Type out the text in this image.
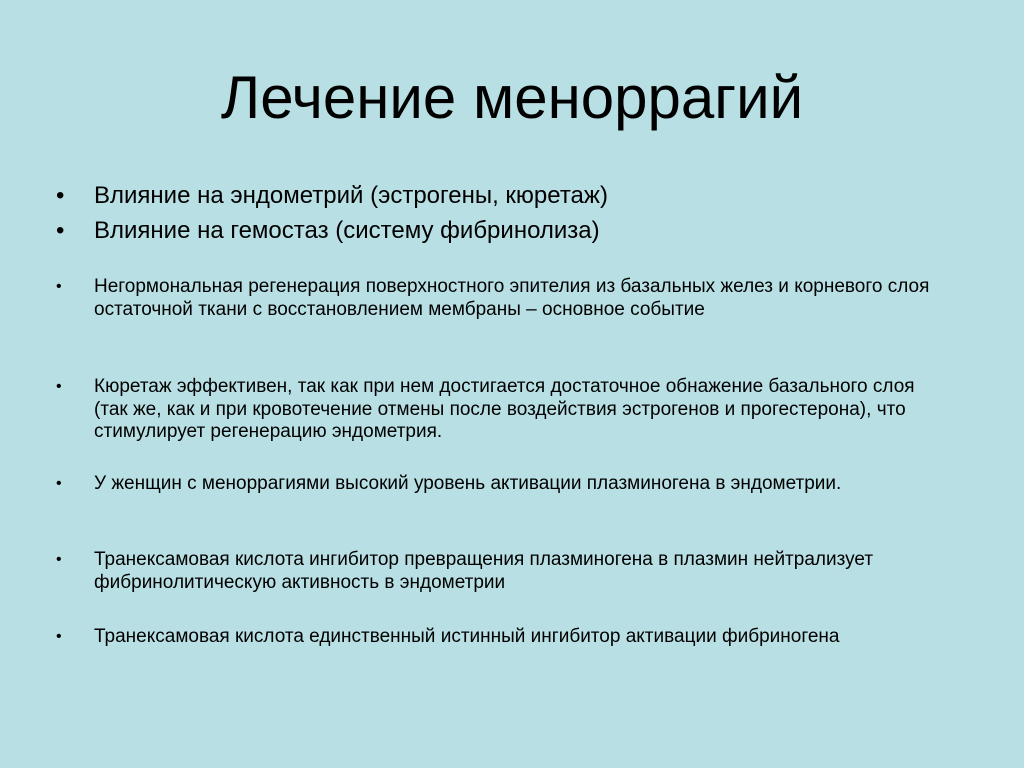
Лечение меноррагий
• Влияние на эндометрий (эстрогены, кюретаж)
• Влияние на гемостаз (систему фибринолиза)
• Негормональная регенерация поверхностного эпителия из базальных желез и корневого слоя остаточной ткани с восстановлением мембраны – основное событие
• Кюретаж эффективен, так как при нем достигается достаточное обнажение базального слоя (так же, как и при кровотечение отмены после воздействия эстрогенов и прогестерона), что стимулирует регенерацию эндометрия.
• У женщин с меноррагиями высокий уровень активации плазминогена в эндометрии.
• Транексамовая кислота ингибитор превращения плазминогена в плазмин нейтрализует фибринолитическую активность в эндометрии
• Транексамовая кислота единственный истинный ингибитор активации фибриногена
